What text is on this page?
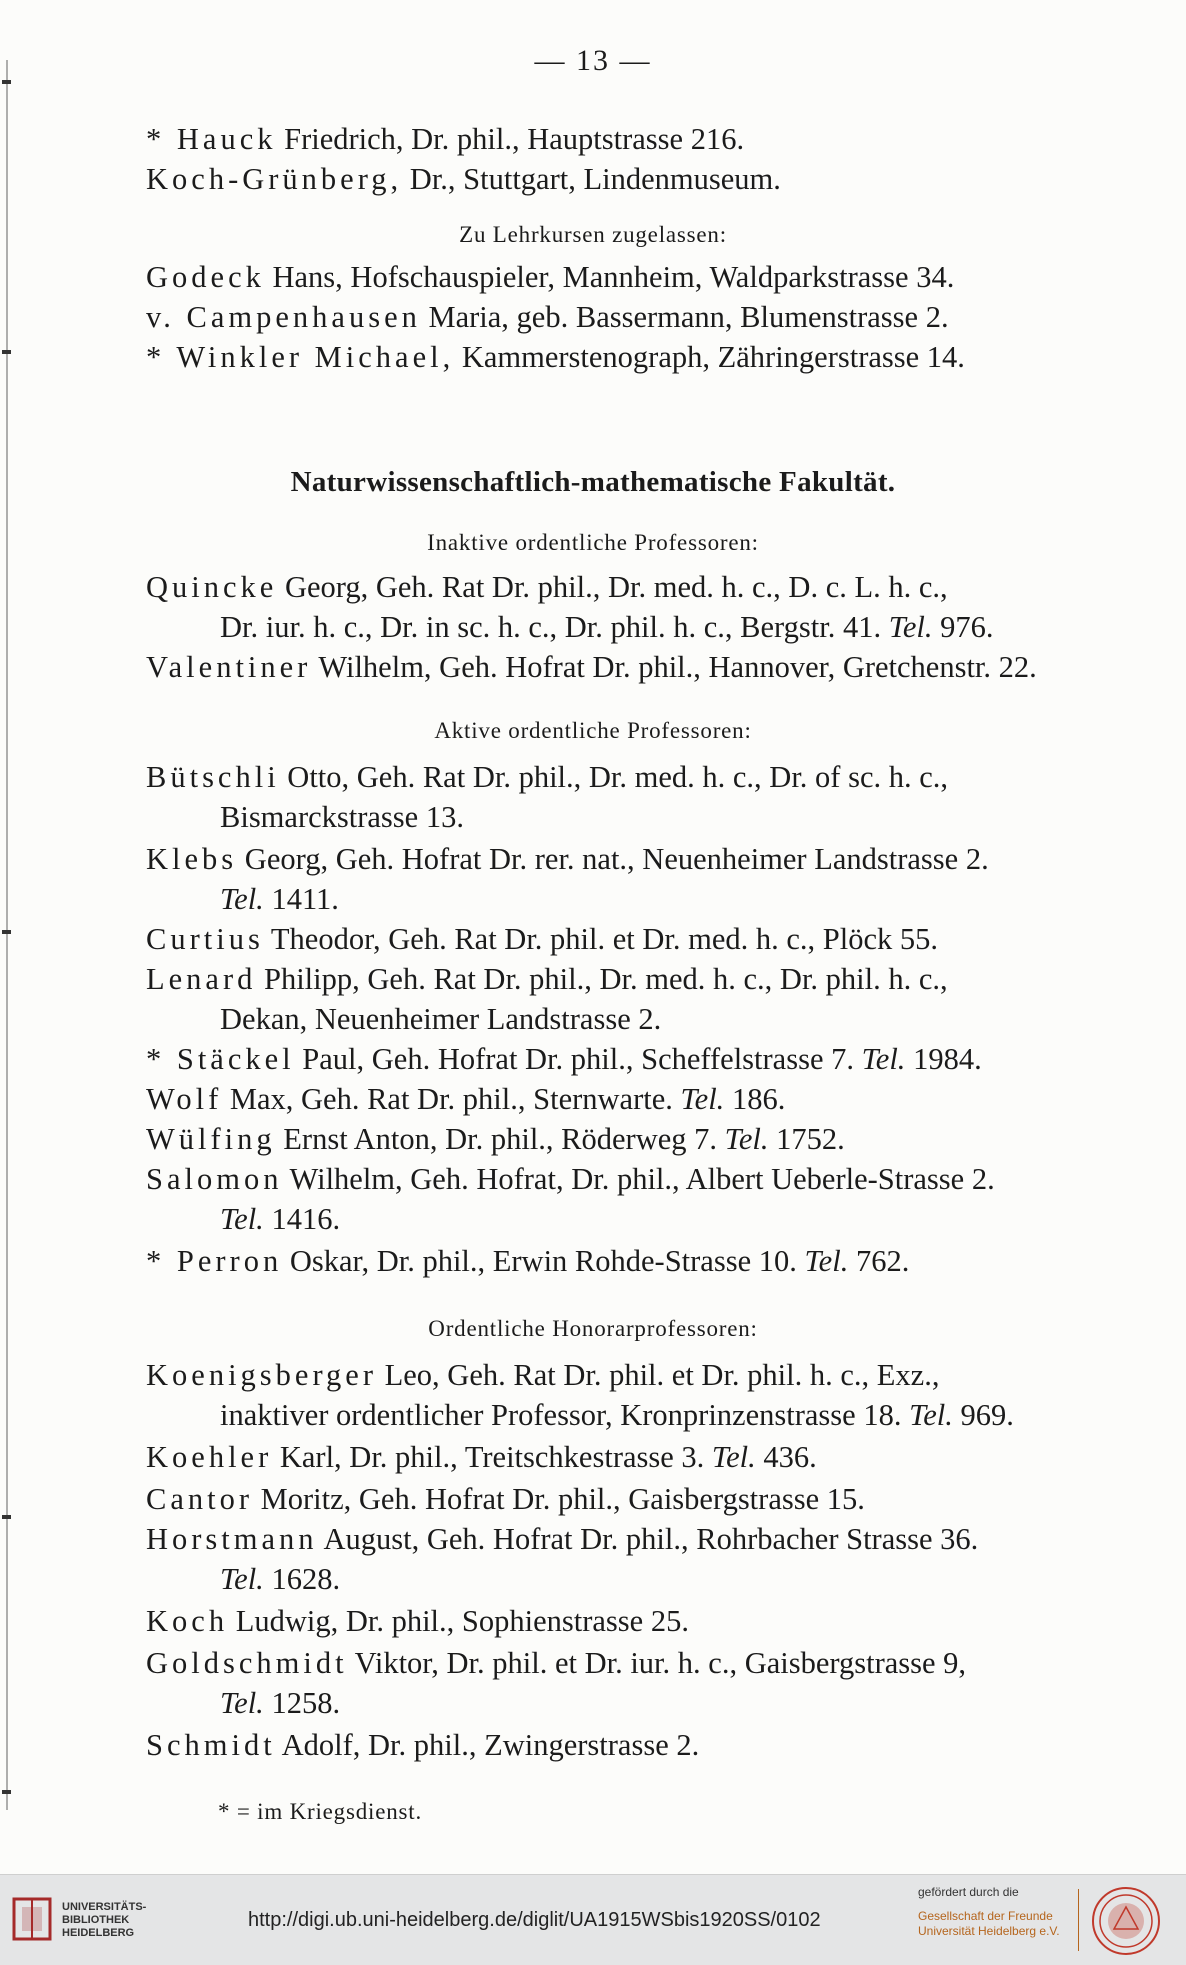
— 13 —
* Hauck Friedrich, Dr. phil., Hauptstrasse 216.
Koch-Grünberg, Dr., Stuttgart, Lindenmuseum.
Zu Lehrkursen zugelassen:
Godeck Hans, Hofschauspieler, Mannheim, Waldparkstrasse 34.
v. Campenhausen Maria, geb. Bassermann, Blumenstrasse 2.
* Winkler Michael, Kammerstenograph, Zähringerstrasse 14.
Naturwissenschaftlich-mathematische Fakultät.
Inaktive ordentliche Professoren:
Quincke Georg, Geh. Rat Dr. phil., Dr. med. h. c., D. c. L. h. c.,
Dr. iur. h. c., Dr. in sc. h. c., Dr. phil. h. c., Bergstr. 41. Tel. 976.
Valentiner Wilhelm, Geh. Hofrat Dr. phil., Hannover, Gretchenstr. 22.
Aktive ordentliche Professoren:
Bütschli Otto, Geh. Rat Dr. phil., Dr. med. h. c., Dr. of sc. h. c.,
Bismarckstrasse 13.
Klebs Georg, Geh. Hofrat Dr. rer. nat., Neuenheimer Landstrasse 2.
Tel. 1411.
Curtius Theodor, Geh. Rat Dr. phil. et Dr. med. h. c., Plöck 55.
Lenard Philipp, Geh. Rat Dr. phil., Dr. med. h. c., Dr. phil. h. c.,
Dekan, Neuenheimer Landstrasse 2.
* Stäckel Paul, Geh. Hofrat Dr. phil., Scheffelstrasse 7. Tel. 1984.
Wolf Max, Geh. Rat Dr. phil., Sternwarte. Tel. 186.
Wülfing Ernst Anton, Dr. phil., Röderweg 7. Tel. 1752.
Salomon Wilhelm, Geh. Hofrat, Dr. phil., Albert Ueberle-Strasse 2.
Tel. 1416.
* Perron Oskar, Dr. phil., Erwin Rohde-Strasse 10. Tel. 762.
Ordentliche Honorarprofessoren:
Koenigsberger Leo, Geh. Rat Dr. phil. et Dr. phil. h. c., Exz.,
inaktiver ordentlicher Professor, Kronprinzenstrasse 18. Tel. 969.
Koehler Karl, Dr. phil., Treitschkestrasse 3. Tel. 436.
Cantor Moritz, Geh. Hofrat Dr. phil., Gaisbergstrasse 15.
Horstmann August, Geh. Hofrat Dr. phil., Rohrbacher Strasse 36.
Tel. 1628.
Koch Ludwig, Dr. phil., Sophienstrasse 25.
Goldschmidt Viktor, Dr. phil. et Dr. iur. h. c., Gaisbergstrasse 9,
Tel. 1258.
Schmidt Adolf, Dr. phil., Zwingerstrasse 2.
* = im Kriegsdienst.
UNIVERSITÄTS-
BIBLIOTHEK
HEIDELBERG
http://digi.ub.uni-heidelberg.de/diglit/UA1915WSbis1920SS/0102
gefördert durch die
Gesellschaft der Freunde
Universität Heidelberg e.V.
